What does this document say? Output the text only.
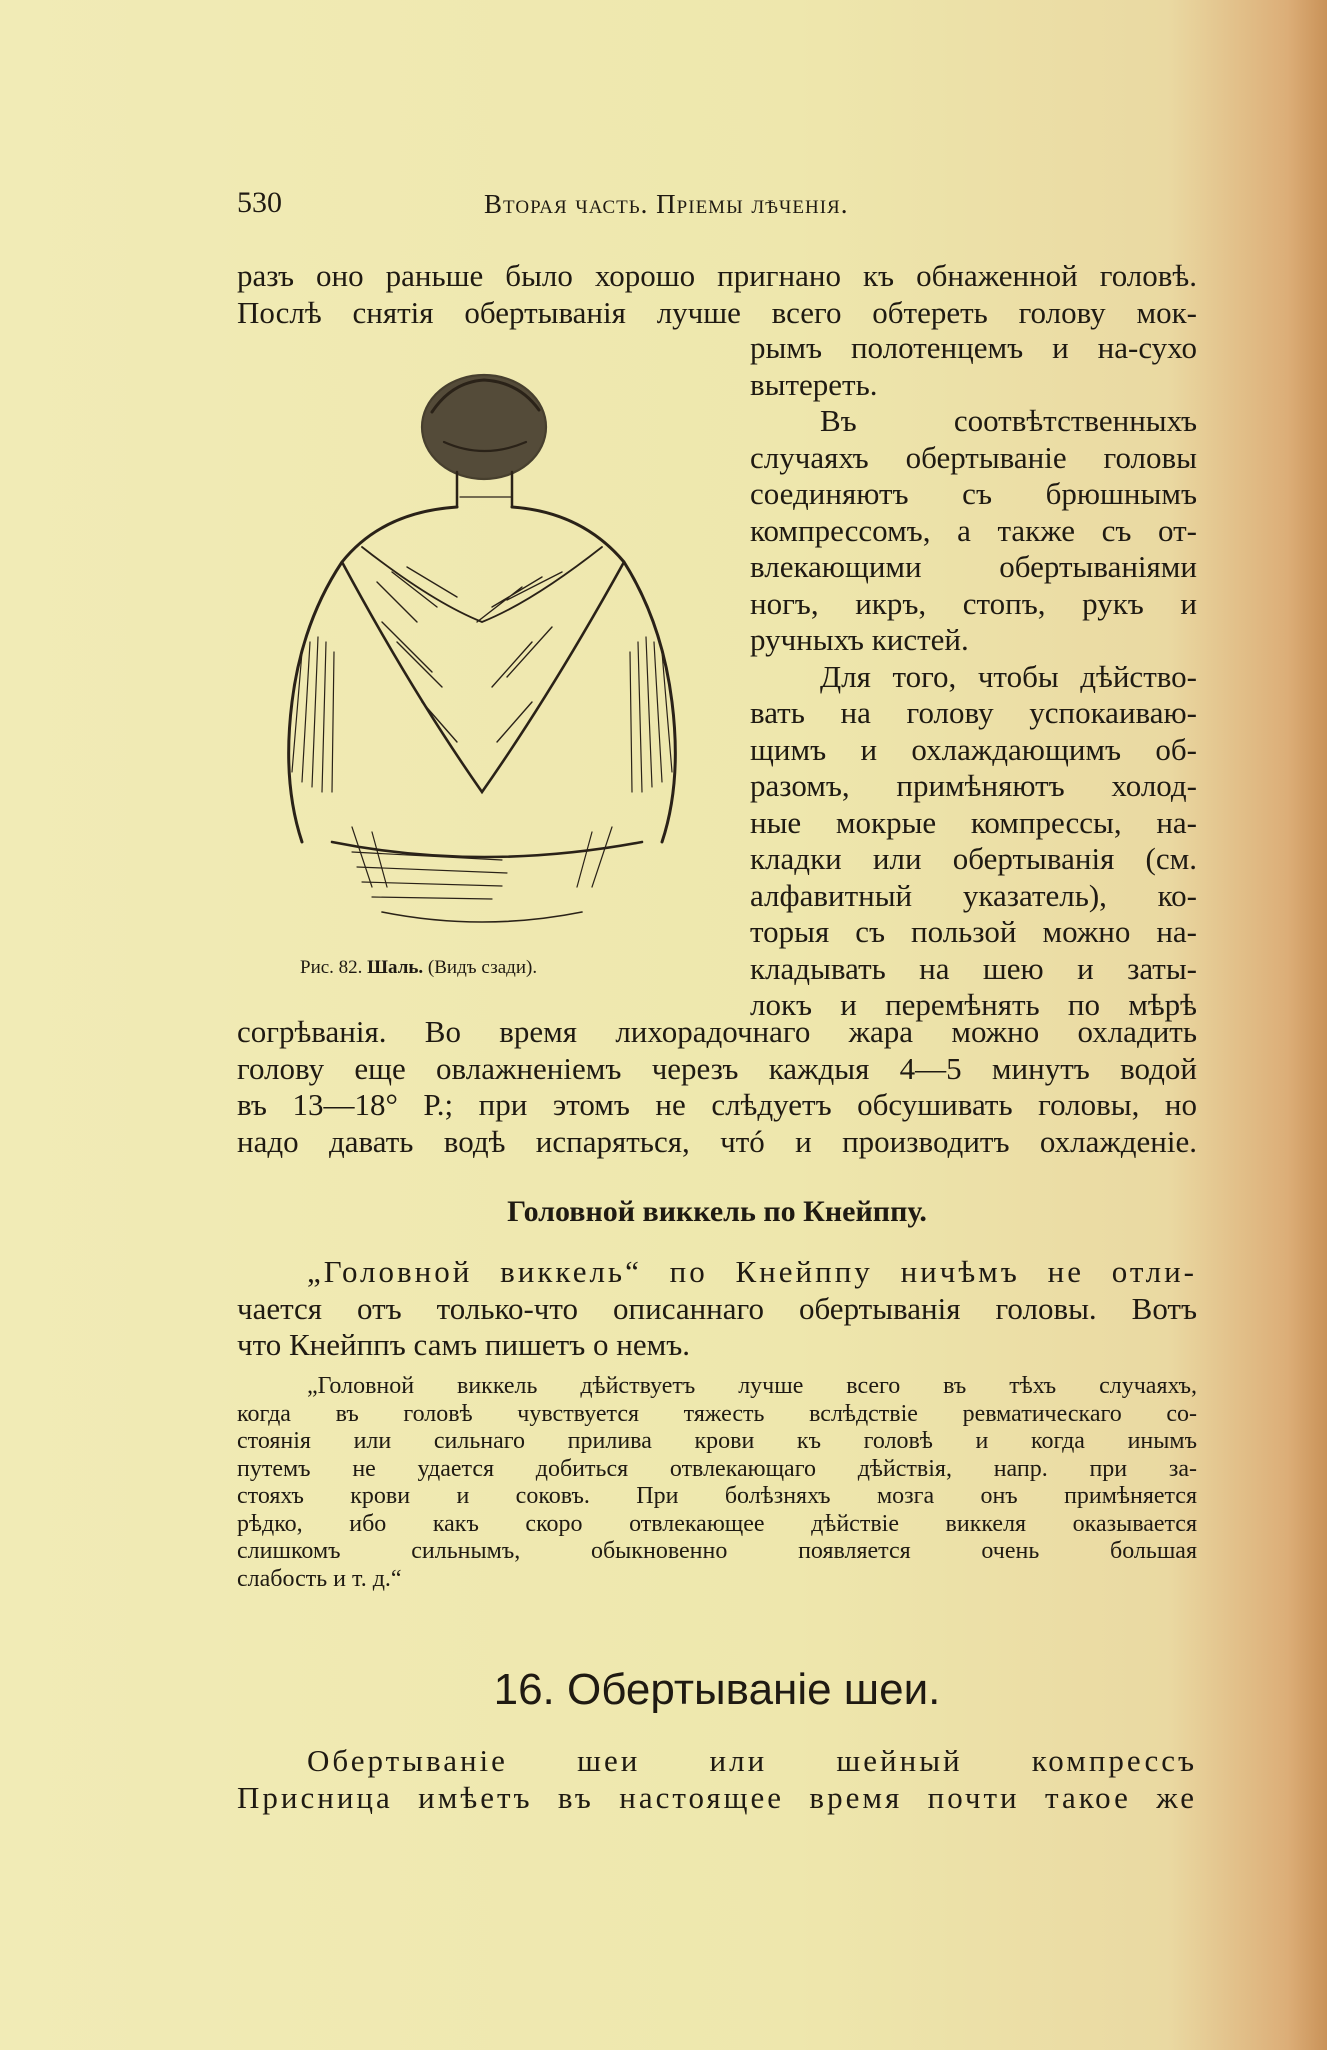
530	Вторая часть. Пріемы лѣченія.
разъ оно раньше было хорошо пригнано къ обнаженной головѣ.
Послѣ снятія обертыванія лучше всего обтереть голову мок-
рымъ полотенцемъ и на-сухо
вытереть.
Въ соотвѣтственныхъ
случаяхъ обертываніе головы
соединяютъ съ брюшнымъ
компрессомъ, а также съ от-
влекающими обертываніями
ногъ, икръ, стопъ, рукъ и
ручныхъ кистей.
Для того, чтобы дѣйство-
вать на голову успокаиваю-
щимъ и охлаждающимъ об-
разомъ, примѣняютъ холод-
ные мокрые компрессы, на-
кладки или обертыванія (см.
алфавитный указатель), ко-
торыя съ пользой можно на-
кладывать на шею и заты-
локъ и перемѣнять по мѣрѣ
Рис. 82. Шаль. (Видъ сзади).
согрѣванія. Во время лихорадочнаго жара можно охладить
голову еще овлажненіемъ черезъ каждыя 4—5 минутъ водой
въ 13—18° Р.; при этомъ не слѣдуетъ обсушивать головы, но
надо давать водѣ испаряться, чтó и производитъ охлажденіе.
Головной виккель по Кнейппу.
„Головной виккель“ по Кнейппу ничѣмъ не отли-
чается отъ только-что описаннаго обертыванія головы. Вотъ
что Кнейппъ самъ пишетъ о немъ.
„Головной виккель дѣйствуетъ лучше всего въ тѣхъ случаяхъ,
когда въ головѣ чувствуется тяжесть вслѣдствіе ревматическаго со-
стоянія или сильнаго прилива крови къ головѣ и когда инымъ
путемъ не удается добиться отвлекающаго дѣйствія, напр. при за-
стояхъ крови и соковъ. При болѣзняхъ мозга онъ примѣняется
рѣдко, ибо какъ скоро отвлекающее дѣйствіе виккеля оказывается
слишкомъ сильнымъ, обыкновенно появляется очень большая
слабость и т. д.“
16. Обертываніе шеи.
Обертываніе шеи или шейный компрессъ
Присница имѣетъ въ настоящее время почти такое же
